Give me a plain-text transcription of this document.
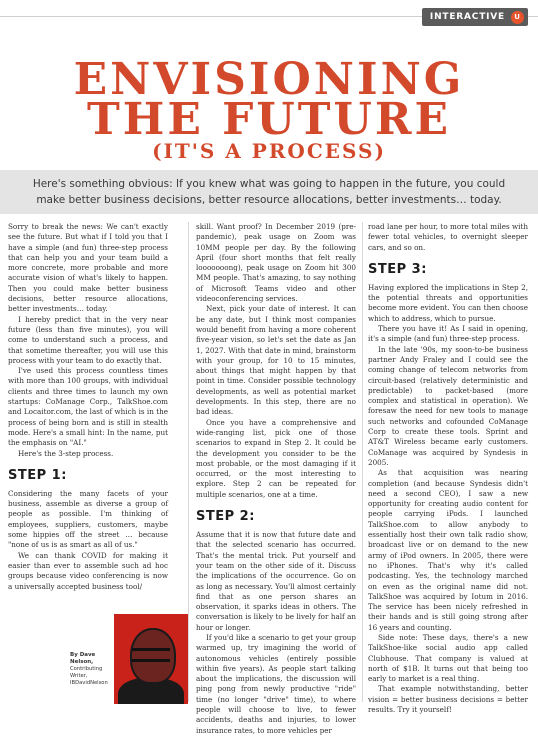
INTERACTIVE	U
ENVISIONING
THE FUTURE
(IT'S A PROCESS)

Here's something obvious: If you knew what was going to happen in the future, you could make better business decisions, better resource allocations, better investments… today.

Sorry to break the news: We can't exactly see the future. But what if I told you that I have a simple (and fun) three-step process that can help you and your team build a more concrete, more probable and more accurate vision of what's likely to happen. Then you could make better business decisions, better resource allocations, better investments… today.

I hereby predict that in the very near future (less than five minutes), you will come to understand such a process, and that sometime thereafter, you will use this process with your team to do exactly that.

I've used this process countless times with more than 100 groups, with individual clients and three times to launch my own startups: CoManage Corp., TalkShoe.com and Locaitor.com, the last of which is in the process of being born and is still in stealth mode. Here's a small hint: In the name, put the emphasis on "AI."

Here's the 3-step process.

STEP 1:

Considering the many facets of your business, assemble as diverse a group of people as possible. I'm thinking of employees, suppliers, customers, maybe some hippies off the street … because "none of us is as smart as all of us."

We can thank COVID for making it easier than ever to assemble such ad hoc groups because video conferencing is now a universally accepted business tool/

skill. Want proof? In December 2019 (pre-pandemic), peak usage on Zoom was 10MM people per day. By the following April (four short months that felt really looooooong), peak usage on Zoom hit 300 MM people. That's amazing, to say nothing of Microsoft Teams video and other videoconferencing services.

Next, pick your date of interest. It can be any date, but I think most companies would benefit from having a more coherent five-year vision, so let's set the date as Jan 1, 2027. With that date in mind, brainstorm with your group, for 10 to 15 minutes, about things that might happen by that point in time. Consider possible technology developments, as well as potential market developments. In this step, there are no bad ideas.

Once you have a comprehensive and wide-ranging list, pick one of those scenarios to expand in Step 2. It could be the development you consider to be the most probable, or the most damaging if it occurred, or the most interesting to explore. Step 2 can be repeated for multiple scenarios, one at a time.

STEP 2:

Assume that it is now that future date and that the selected scenario has occurred. That's the mental trick. Put yourself and your team on the other side of it. Discuss the implications of the occurrence. Go on as long as necessary. You'll almost certainly find that as one person shares an observation, it sparks ideas in others. The conversation is likely to be lively for half an hour or longer.

If you'd like a scenario to get your group warmed up, try imagining the world of autonomous vehicles (entirely possible within five years). As people start talking about the implications, the discussion will ping pong from newly productive "ride" time (no longer "drive" time), to where people will choose to live, to fewer accidents, deaths and injuries, to lower insurance rates, to more vehicles per

road lane per hour, to more total miles with fewer total vehicles, to overnight sleeper cars, and so on.

STEP 3:

Having explored the implications in Step 2, the potential threats and opportunities become more evident. You can then choose which to address, which to pursue.

There you have it! As I said in opening, it's a simple (and fun) three-step process.

In the late '90s, my soon-to-be business partner Andy Fraley and I could see the coming change of telecom networks from circuit-based (relatively deterministic and predictable) to packet-based (more complex and statistical in operation). We foresaw the need for new tools to manage such networks and cofounded CoManage Corp to create these tools. Sprint and AT&T Wireless became early customers. CoManage was acquired by Syndesis in 2005.

As that acquisition was nearing completion (and because Syndesis didn't need a second CEO), I saw a new opportunity for creating audio content for people carrying iPods. I launched TalkShoe.com to allow anybody to essentially host their own talk radio show, broadcast live or on demand to the new army of iPod owners. In 2005, there were no iPhones. That's why it's called podcasting. Yes, the technology marched on even as the original name did not. TalkShoe was acquired by Iotum in 2016. The service has been nicely refreshed in their hands and is still going strong after 16 years and counting.

Side note: These days, there's a new TalkShoe-like social audio app called Clubhouse. That company is valued at north of $1B. It turns out that being too early to market is a real thing.

That example notwithstanding, better vision = better business decisions = better results. Try it yourself!

By Dave Nelson,
Contributing Writer,
IBDavidNelson
